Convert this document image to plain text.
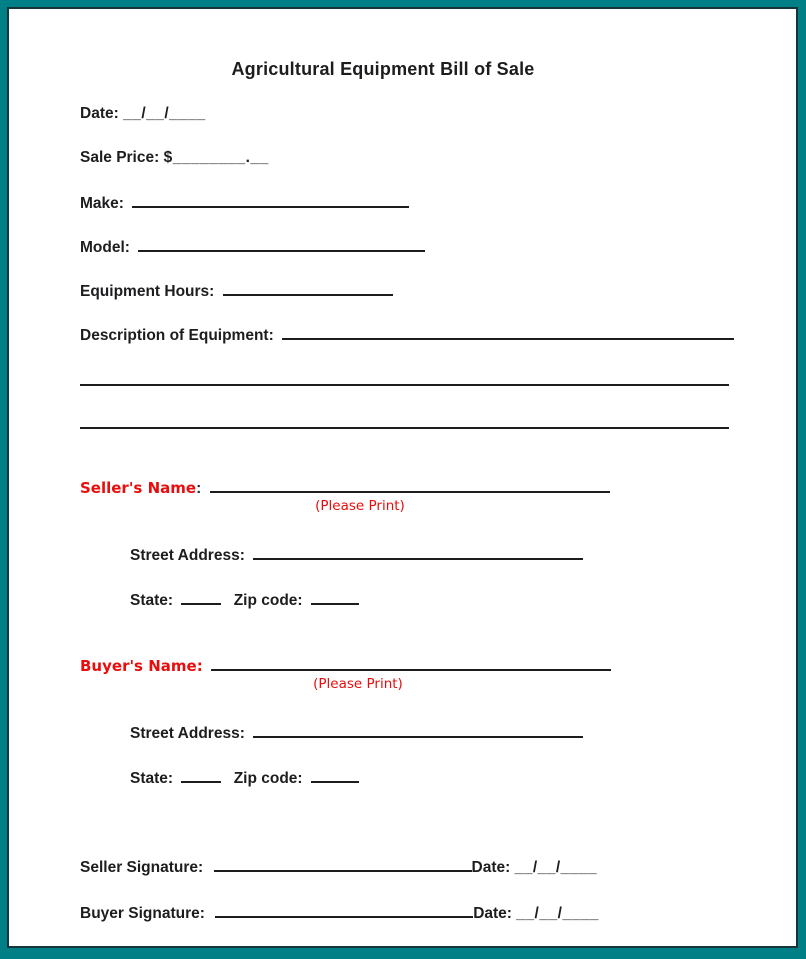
Agricultural Equipment Bill of Sale
Date: __/__/____
Sale Price: $________.__
Make:
Model:
Equipment Hours:
Description of Equipment:
Seller's Name:
(Please Print)
Street Address:
State:	Zip code:
Buyer's Name:
(Please Print)
Street Address:
State:	Zip code:
Seller Signature:	Date: __/__/____
Buyer Signature:	Date: __/__/____
